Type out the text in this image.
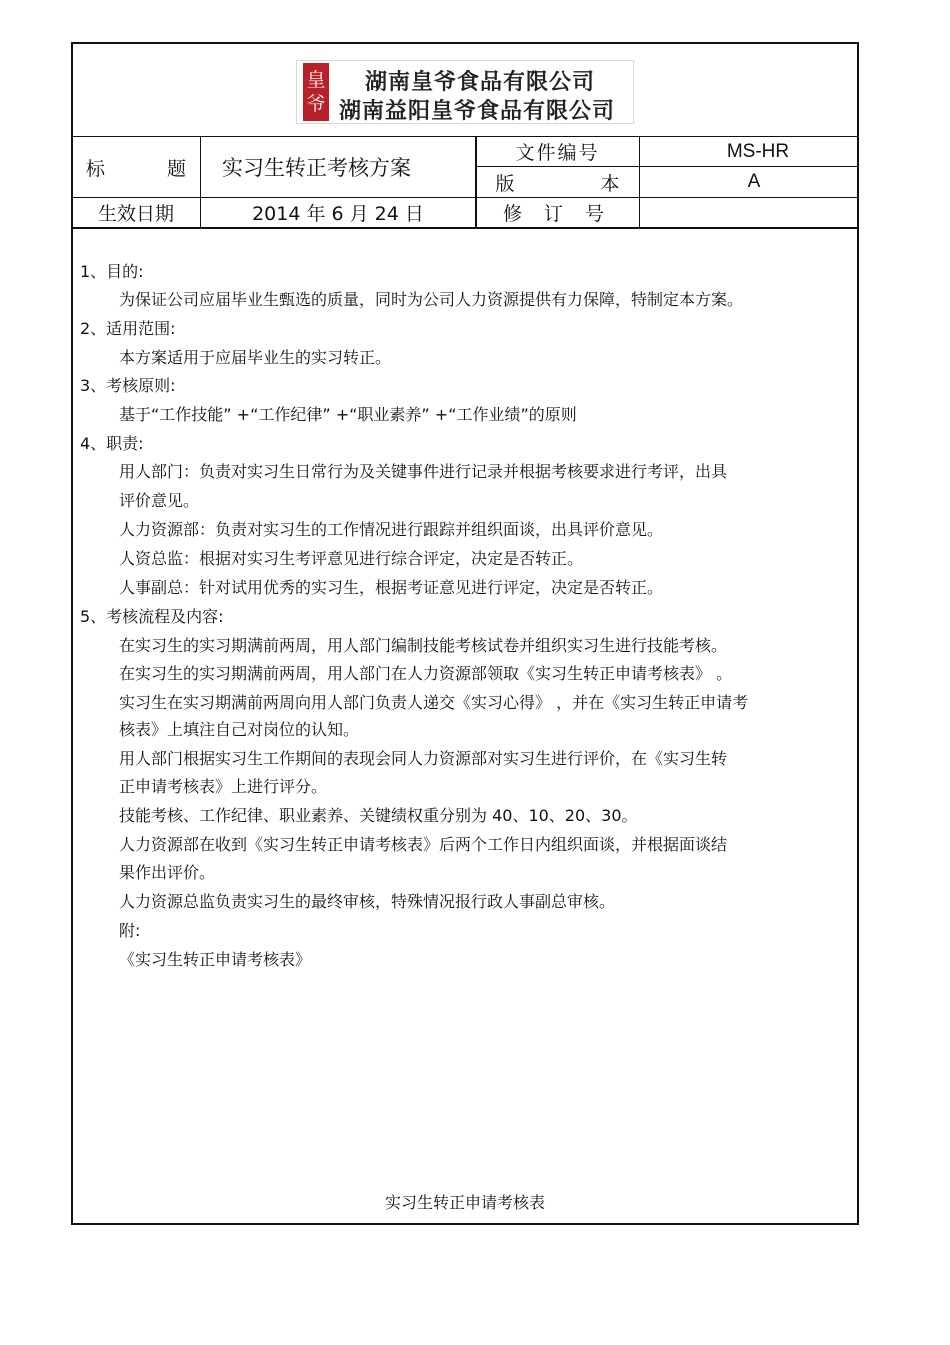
皇
爷
湖南皇爷食品有限公司
湖南益阳皇爷食品有限公司
标 题 实习生转正考核方案
文件编号	MS-HR
版 本	A
生效日期	2014 年 6 月 24 日	修 订 号
1、目的:
为保证公司应届毕业生甄选的质量，同时为公司人力资源提供有力保障，特制定本方案。
2、适用范围:
本方案适用于应届毕业生的实习转正。
3、考核原则:
基于“工作技能” +“工作纪律” +“职业素养” +“工作业绩”的原则
4、职责:
用人部门：负责对实习生日常行为及关键事件进行记录并根据考核要求进行考评，出具
评价意见。
人力资源部：负责对实习生的工作情况进行跟踪并组织面谈，出具评价意见。
人资总监：根据对实习生考评意见进行综合评定，决定是否转正。
人事副总：针对试用优秀的实习生，根据考证意见进行评定，决定是否转正。
5、考核流程及内容:
在实习生的实习期满前两周，用人部门编制技能考核试卷并组织实习生进行技能考核。
在实习生的实习期满前两周，用人部门在人力资源部领取《实习生转正申请考核表》 。
实习生在实习期满前两周向用人部门负责人递交《实习心得》 ，并在《实习生转正申请考
核表》上填注自己对岗位的认知。
用人部门根据实习生工作期间的表现会同人力资源部对实习生进行评价，在《实习生转
正申请考核表》上进行评分。
技能考核、工作纪律、职业素养、关键绩权重分别为 40、10、20、30。
人力资源部在收到《实习生转正申请考核表》后两个工作日内组织面谈，并根据面谈结
果作出评价。
人力资源总监负责实习生的最终审核，特殊情况报行政人事副总审核。
附:
《实习生转正申请考核表》
实习生转正申请考核表
